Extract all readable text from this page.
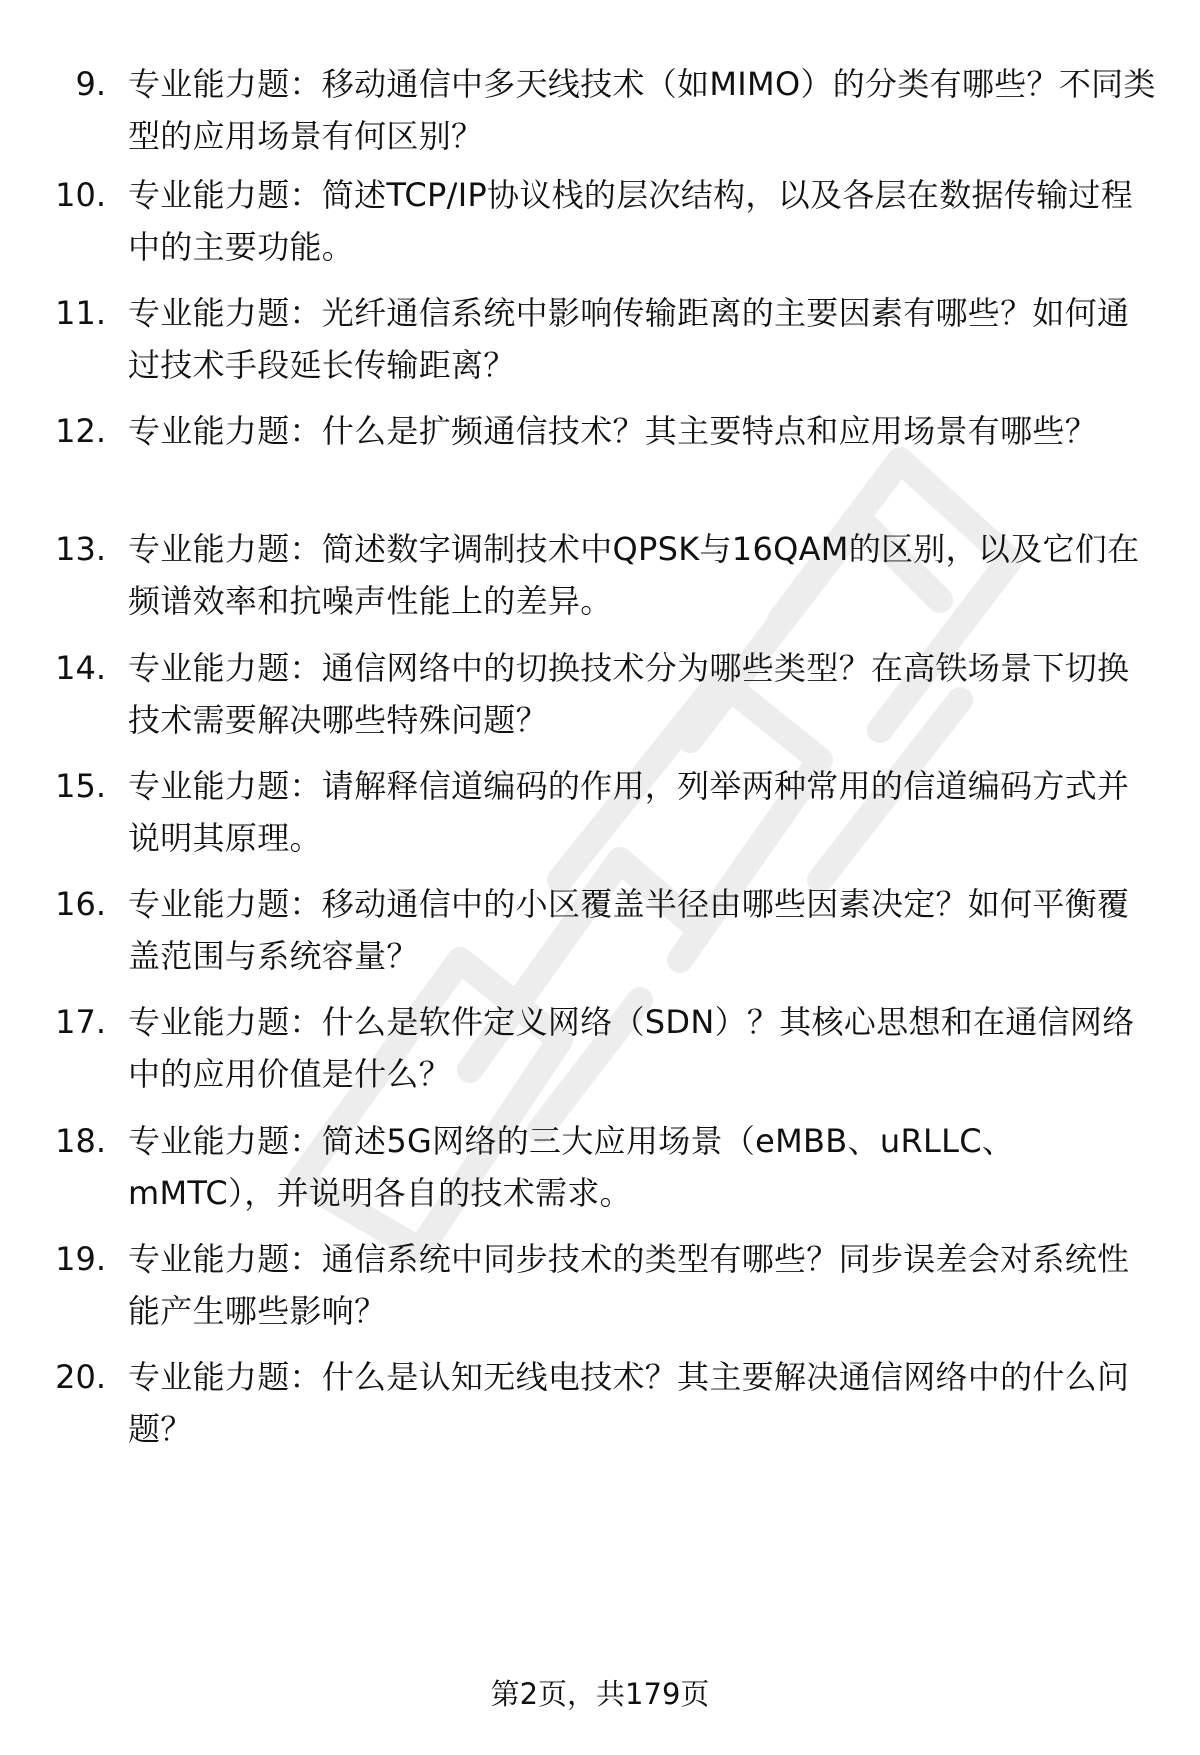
9. 专业能力题：移动通信中多天线技术（如MIMO）的分类有哪些？不同类型的应用场景有何区别？
10. 专业能力题：简述TCP/IP协议栈的层次结构，以及各层在数据传输过程中的主要功能。
11. 专业能力题：光纤通信系统中影响传输距离的主要因素有哪些？如何通过技术手段延长传输距离？
12. 专业能力题：什么是扩频通信技术？其主要特点和应用场景有哪些？
13. 专业能力题：简述数字调制技术中QPSK与16QAM的区别，以及它们在频谱效率和抗噪声性能上的差异。
14. 专业能力题：通信网络中的切换技术分为哪些类型？在高铁场景下切换技术需要解决哪些特殊问题？
15. 专业能力题：请解释信道编码的作用，列举两种常用的信道编码方式并说明其原理。
16. 专业能力题：移动通信中的小区覆盖半径由哪些因素决定？如何平衡覆盖范围与系统容量？
17. 专业能力题：什么是软件定义网络（SDN）？其核心思想和在通信网络中的应用价值是什么？
18. 专业能力题：简述5G网络的三大应用场景（eMBB、uRLLC、mMTC），并说明各自的技术需求。
19. 专业能力题：通信系统中同步技术的类型有哪些？同步误差会对系统性能产生哪些影响？
20. 专业能力题：什么是认知无线电技术？其主要解决通信网络中的什么问题？
第2页，共179页
